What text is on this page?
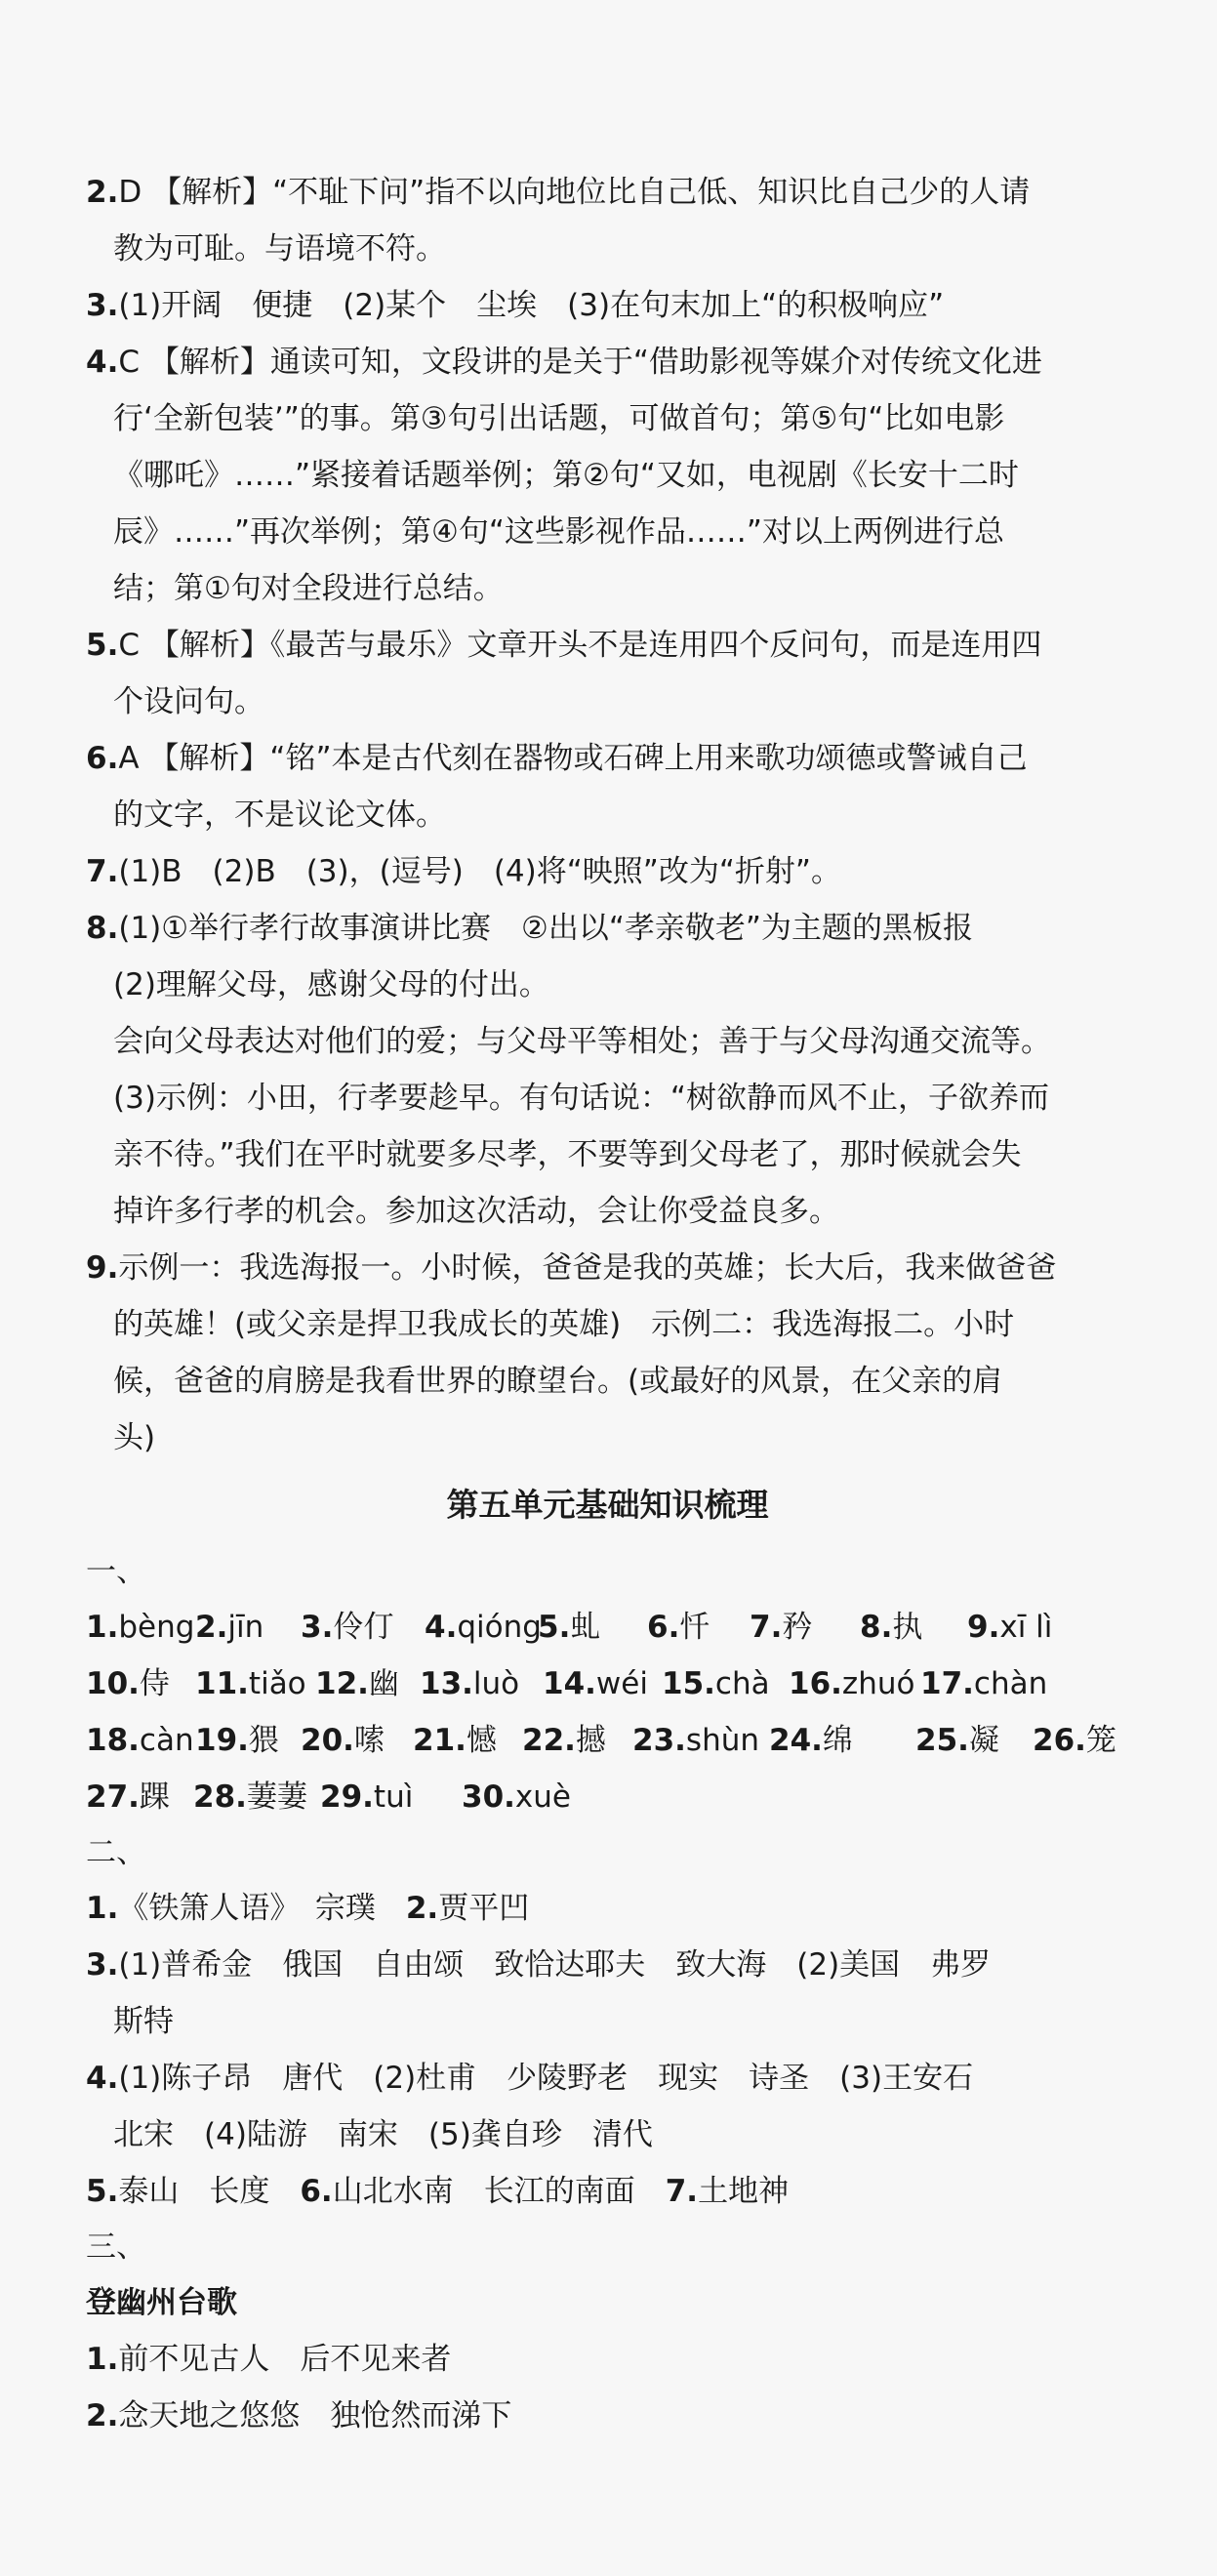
2.D 【解析】“不耻下问”指不以向地位比自己低、知识比自己少的人请
教为可耻。与语境不符。
3.(1)开阔　便捷　(2)某个　尘埃　(3)在句末加上“的积极响应”
4.C 【解析】通读可知，文段讲的是关于“借助影视等媒介对传统文化进
行‘全新包装’”的事。第③句引出话题，可做首句；第⑤句“比如电影
《哪吒》……”紧接着话题举例；第②句“又如，电视剧《长安十二时
辰》……”再次举例；第④句“这些影视作品……”对以上两例进行总
结；第①句对全段进行总结。
5.C 【解析】《最苦与最乐》文章开头不是连用四个反问句，而是连用四
个设问句。
6.A 【解析】“铭”本是古代刻在器物或石碑上用来歌功颂德或警诫自己
的文字，不是议论文体。
7.(1)B　(2)B　(3)，(逗号)　(4)将“映照”改为“折射”。
8.(1)①举行孝行故事演讲比赛　②出以“孝亲敬老”为主题的黑板报
(2)理解父母，感谢父母的付出。
会向父母表达对他们的爱；与父母平等相处；善于与父母沟通交流等。
(3)示例：小田，行孝要趁早。有句话说：“树欲静而风不止，子欲养而
亲不待。”我们在平时就要多尽孝，不要等到父母老了，那时候就会失
掉许多行孝的机会。参加这次活动，会让你受益良多。
9.示例一：我选海报一。小时候，爸爸是我的英雄；长大后，我来做爸爸
的英雄！(或父亲是捍卫我成长的英雄)　示例二：我选海报二。小时
候，爸爸的肩膀是我看世界的瞭望台。(或最好的风景，在父亲的肩
头)
第五单元基础知识梳理
一、
1.bèng 2.jīn 3.伶仃 4.qióng
5.虬 6.忏 7.矜 8.执 9.xī lì
10.侍 11.tiǎo 12.幽 13.luò 14.wéi 15.chà 16.zhuó 17.chàn
18.càn 19.猥 20.嗦 21.憾 22.撼 23.shùn 24.绵 25.凝 26.笼
27.踝 28.萋萋 29.tuì 30.xuè
二、
1.《铁箫人语》　宗璞　2.贾平凹
3.(1)普希金　俄国　自由颂　致恰达耶夫　致大海　(2)美国　弗罗
斯特
4.(1)陈子昂　唐代　(2)杜甫　少陵野老　现实　诗圣　(3)王安石
北宋　(4)陆游　南宋　(5)龚自珍　清代
5.泰山　长度　6.山北水南　长江的南面　7.土地神
三、
登幽州台歌
1.前不见古人　后不见来者
2.念天地之悠悠　独怆然而涕下
